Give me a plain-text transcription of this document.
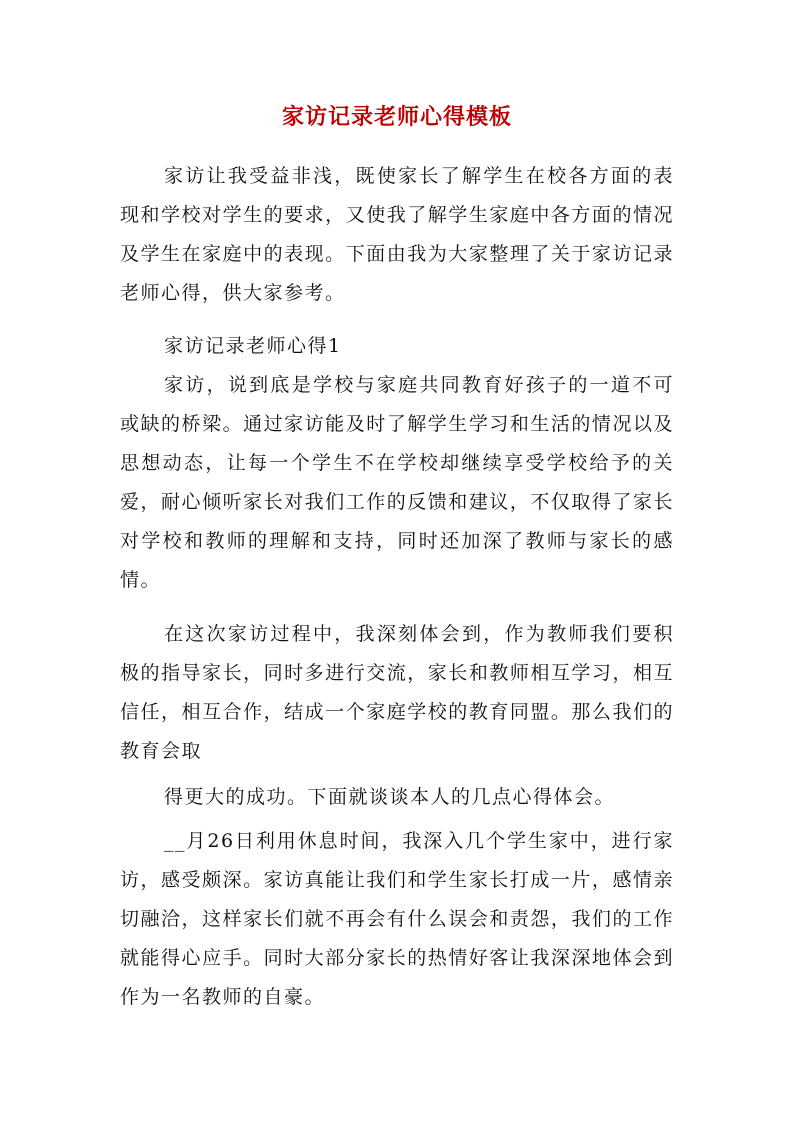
家访记录老师心得模板

家访让我受益非浅，既使家长了解学生在校各方面的表现和学校对学生的要求，又使我了解学生家庭中各方面的情况及学生在家庭中的表现。下面由我为大家整理了关于家访记录老师心得，供大家参考。

家访记录老师心得1

家访，说到底是学校与家庭共同教育好孩子的一道不可或缺的桥梁。通过家访能及时了解学生学习和生活的情况以及思想动态，让每一个学生不在学校却继续享受学校给予的关爱，耐心倾听家长对我们工作的反馈和建议，不仅取得了家长对学校和教师的理解和支持，同时还加深了教师与家长的感情。

在这次家访过程中，我深刻体会到，作为教师我们要积极的指导家长，同时多进行交流，家长和教师相互学习，相互信任，相互合作，结成一个家庭学校的教育同盟。那么我们的教育会取

得更大的成功。下面就谈谈本人的几点心得体会。

__月26日利用休息时间，我深入几个学生家中，进行家访，感受颇深。家访真能让我们和学生家长打成一片，感情亲切融洽，这样家长们就不再会有什么误会和责怨，我们的工作就能得心应手。同时大部分家长的热情好客让我深深地体会到作为一名教师的自豪。
